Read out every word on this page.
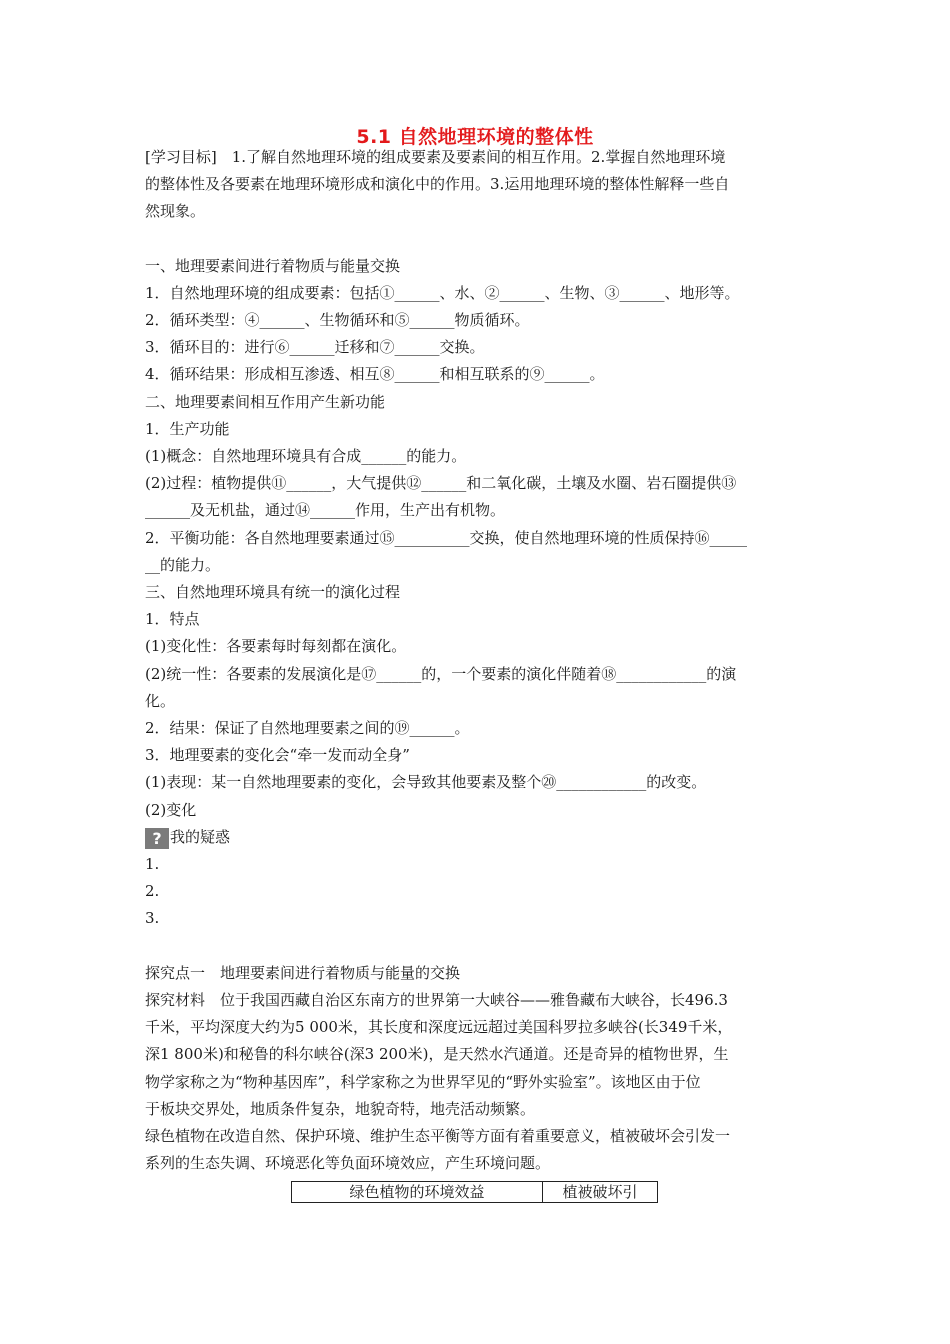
5.1 自然地理环境的整体性

[学习目标]　1.了解自然地理环境的组成要素及要素间的相互作用。2.掌握自然地理环境

的整体性及各要素在地理环境形成和演化中的作用。3.运用地理环境的整体性解释一些自

然现象。

一、地理要素间进行着物质与能量交换

1．自然地理环境的组成要素：包括①______、水、②______、生物、③______、地形等。

2．循环类型：④______、生物循环和⑤______物质循环。

3．循环目的：进行⑥______迁移和⑦______交换。

4．循环结果：形成相互渗透、相互⑧______和相互联系的⑨______。

二、地理要素间相互作用产生新功能

1．生产功能

(1)概念：自然地理环境具有合成______的能力。

(2)过程：植物提供⑪______，大气提供⑫______和二氧化碳，土壤及水圈、岩石圈提供⑬

______及无机盐，通过⑭______作用，生产出有机物。

2．平衡功能：各自然地理要素通过⑮__________交换，使自然地理环境的性质保持⑯_____

__的能力。

三、自然地理环境具有统一的演化过程

1．特点

(1)变化性：各要素每时每刻都在演化。

(2)统一性：各要素的发展演化是⑰______的，一个要素的演化伴随着⑱____________的演

化。

2．结果：保证了自然地理要素之间的⑲______。

3．地理要素的变化会“牵一发而动全身”

(1)表现：某一自然地理要素的变化，会导致其他要素及整个⑳____________的改变。

(2)变化

? 我的疑惑

1.

2.

3.

探究点一　地理要素间进行着物质与能量的交换

探究材料　位于我国西藏自治区东南方的世界第一大峡谷——雅鲁藏布大峡谷，长496.3

千米，平均深度大约为5 000米，其长度和深度远远超过美国科罗拉多峡谷(长349千米，

深1 800米)和秘鲁的科尔峡谷(深3 200米)，是天然水汽通道。还是奇异的植物世界，生

物学家称之为“物种基因库”，科学家称之为世界罕见的“野外实验室”。该地区由于位

于板块交界处，地质条件复杂，地貌奇特，地壳活动频繁。

绿色植物在改造自然、保护环境、维护生态平衡等方面有着重要意义，植被破坏会引发一

系列的生态失调、环境恶化等负面环境效应，产生环境问题。

绿色植物的环境效益	植被破坏引
